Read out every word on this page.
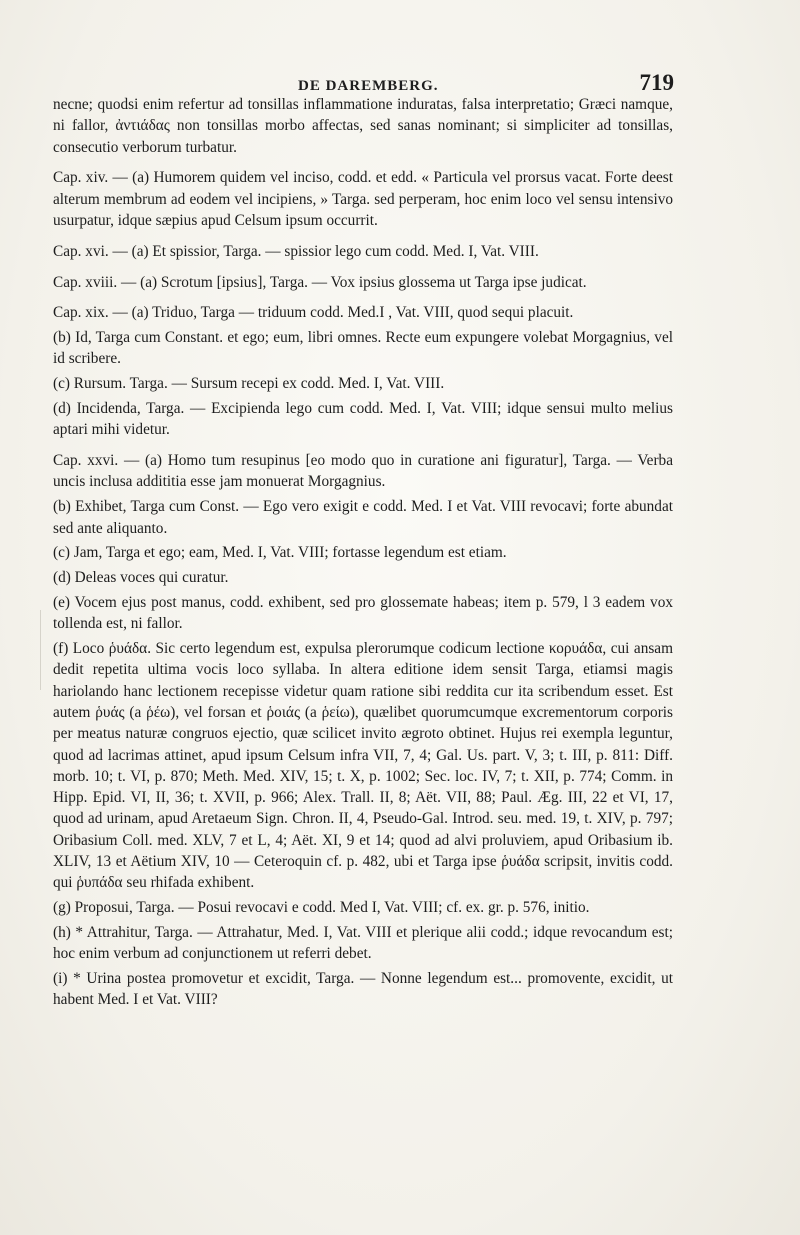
DE DAREMBERG.	719

necne; quodsi enim refertur ad tonsillas inflammatione induratas, falsa interpretatio; Græci namque, ni fallor, ἀντιάδας non tonsillas morbo affectas, sed sanas nominant; si simpliciter ad tonsillas, consecutio verborum turbatur.

Cap. xiv. — (a) Humorem quidem vel inciso, codd. et edd. « Particula vel prorsus vacat. Forte deest alterum membrum ad eodem vel incipiens, » Targa. sed perperam, hoc enim loco vel sensu intensivo usurpatur, idque sæpius apud Celsum ipsum occurrit.

Cap. xvi. — (a) Et spissior, Targa. — spissior lego cum codd. Med. I, Vat. VIII.

Cap. xviii. — (a) Scrotum [ipsius], Targa. — Vox ipsius glossema ut Targa ipse judicat.

Cap. xix. — (a) Triduo, Targa — triduum codd. Med.I , Vat. VIII, quod sequi placuit.

(b) Id, Targa cum Constant. et ego; eum, libri omnes. Recte eum expungere volebat Morgagnius, vel id scribere.

(c) Rursum. Targa. — Sursum recepi ex codd. Med. I, Vat. VIII.

(d) Incidenda, Targa. — Excipienda lego cum codd. Med. I, Vat. VIII; idque sensui multo melius aptari mihi videtur.

Cap. xxvi. — (a) Homo tum resupinus [eo modo quo in curatione ani figuratur], Targa. — Verba uncis inclusa addititia esse jam monuerat Morgagnius.

(b) Exhibet, Targa cum Const. — Ego vero exigit e codd. Med. I et Vat. VIII revocavi; forte abundat sed ante aliquanto.

(c) Jam, Targa et ego; eam, Med. I, Vat. VIII; fortasse legendum est etiam.

(d) Deleas voces qui curatur.

(e) Vocem ejus post manus, codd. exhibent, sed pro glossemate habeas; item p. 579, l 3 eadem vox tollenda est, ni fallor.

(f) Loco ῥυάδα. Sic certo legendum est, expulsa plerorumque codicum lectione κορυάδα, cui ansam dedit repetita ultima vocis loco syllaba. In altera editione idem sensit Targa, etiamsi magis hariolando hanc lectionem recepisse videtur quam ratione sibi reddita cur ita scribendum esset. Est autem ῥυάς (a ῥέω), vel forsan et ῥοιάς (a ῥείω), quælibet quorumcumque excrementorum corporis per meatus naturæ congruos ejectio, quæ scilicet invito ægroto obtinet. Hujus rei exempla leguntur, quod ad lacrimas attinet, apud ipsum Celsum infra VII, 7, 4; Gal. Us. part. V, 3; t. III, p. 811: Diff. morb. 10; t. VI, p. 870; Meth. Med. XIV, 15; t. X, p. 1002; Sec. loc. IV, 7; t. XII, p. 774; Comm. in Hipp. Epid. VI, II, 36; t. XVII, p. 966; Alex. Trall. II, 8; Aët. VII, 88; Paul. Æg. III, 22 et VI, 17, quod ad urinam, apud Aretaeum Sign. Chron. II, 4, Pseudo-Gal. Introd. seu. med. 19, t. XIV, p. 797; Oribasium Coll. med. XLV, 7 et L, 4; Aët. XI, 9 et 14; quod ad alvi proluviem, apud Oribasium ib. XLIV, 13 et Aëtium XIV, 10 — Ceteroquin cf. p. 482, ubi et Targa ipse ῥυάδα scripsit, invitis codd. qui ῥυπάδα seu rhifada exhibent.

(g) Proposui, Targa. — Posui revocavi e codd. Med I, Vat. VIII; cf. ex. gr. p. 576, initio.

(h) * Attrahitur, Targa. — Attrahatur, Med. I, Vat. VIII et plerique alii codd.; idque revocandum est; hoc enim verbum ad conjunctionem ut referri debet.

(i) * Urina postea promovetur et excidit, Targa. — Nonne legendum est... promovente, excidit, ut habent Med. I et Vat. VIII?
